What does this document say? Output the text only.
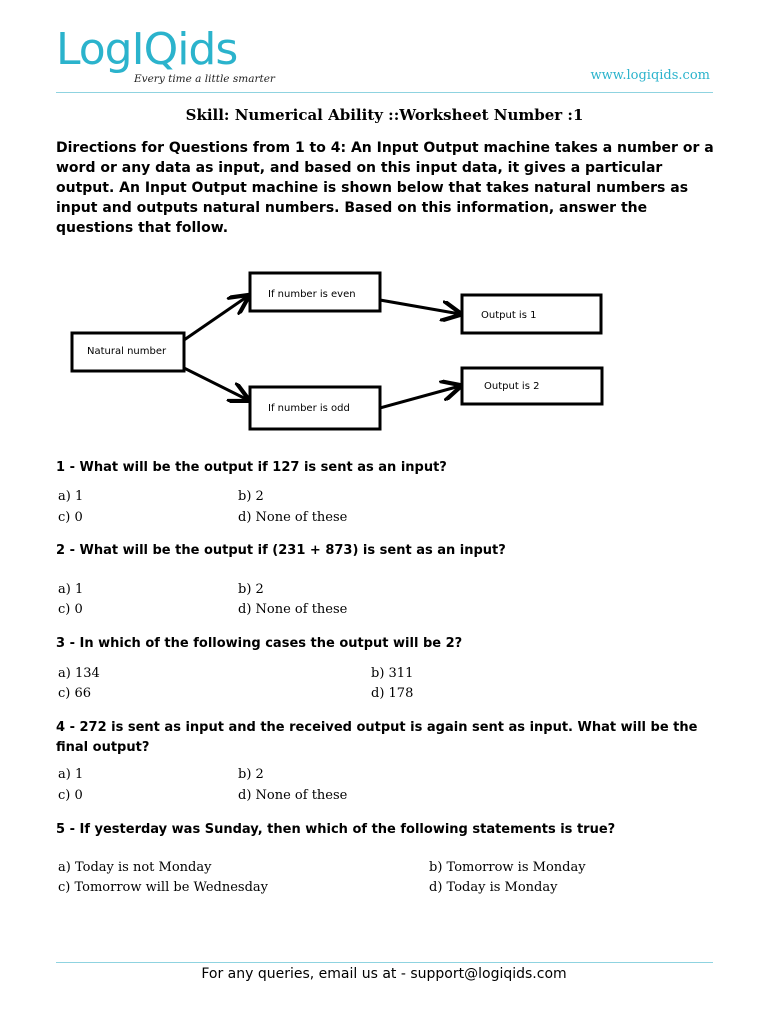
LogIQids
Every time a little smarter	www.logiqids.com
Skill: Numerical Ability ::Worksheet Number :1
Directions for Questions from 1 to 4: An Input Output machine takes a number or a word or any data as input, and based on this input data, it gives a particular output. An Input Output machine is shown below that takes natural numbers as input and outputs natural numbers. Based on this information, answer the questions that follow.
Natural number
If number is even
If number is odd
Output is 1
Output is 2
1 - What will be the output if 127 is sent as an input?
a) 1	b) 2
c) 0	d) None of these
2 - What will be the output if (231 + 873) is sent as an input?
a) 1	b) 2
c) 0	d) None of these
3 - In which of the following cases the output will be 2?
a) 134	b) 311
c) 66	d) 178
4 - 272 is sent as input and the received output is again sent as input. What will be the final output?
a) 1	b) 2
c) 0	d) None of these
5 - If yesterday was Sunday, then which of the following statements is true?
a) Today is not Monday	b) Tomorrow is Monday
c) Tomorrow will be Wednesday	d) Today is Monday
For any queries, email us at - support@logiqids.com
